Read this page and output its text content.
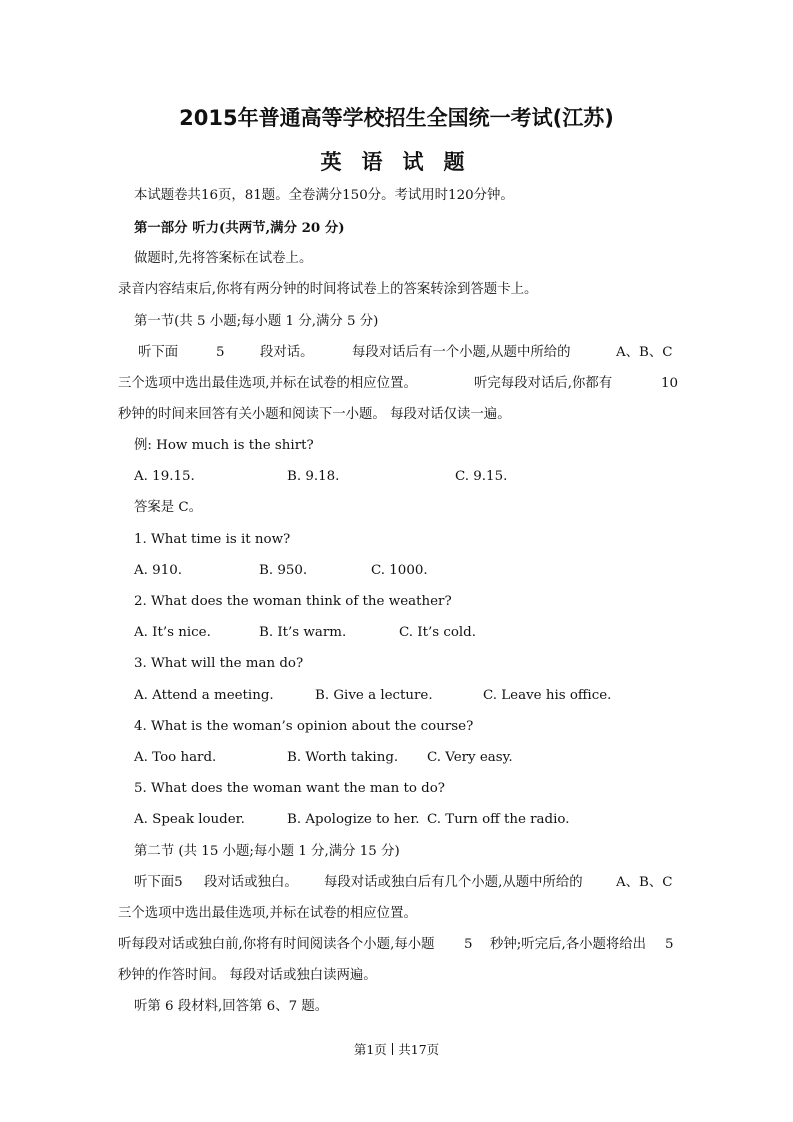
2015年普通高等学校招生全国统一考试(江苏)
英语试题
本试题卷共16页，81题。全卷满分150分。考试用时120分钟。
第一部分 听力(共两节,满分 20 分)
做题时,先将答案标在试卷上。
录音内容结束后,你将有两分钟的时间将试卷上的答案转涂到答题卡上。
第一节(共 5 小题;每小题 1 分,满分 5 分)
听下面	5	段对话。	每段对话后有一个小题,从题中所给的	A、B、C
三个选项中选出最佳选项,并标在试卷的相应位置。	听完每段对话后,你都有	10
秒钟的时间来回答有关小题和阅读下一小题。 每段对话仅读一遍。
例: How much is the shirt?
A. 19.15.	B. 9.18.	C. 9.15.
答案是 C。
1. What time is it now?
A. 910.	B. 950.	C. 1000.
2. What does the woman think of the weather?
A. It’s nice.	B. It’s warm.	C. It’s cold.
3. What will the man do?
A. Attend a meeting.	B. Give a lecture.	C. Leave his office.
4. What is the woman’s opinion about the course?
A. Too hard.	B. Worth taking. C. Very easy.
5. What does the woman want the man to do?
A. Speak louder.	B. Apologize to her. C. Turn off the radio.
第二节 (共 15 小题;每小题 1 分,满分 15 分)
听下面5 段对话或独白。 每段对话或独白后有几个小题,从题中所给的 A、B、C
三个选项中选出最佳选项,并标在试卷的相应位置。
听每段对话或独白前,你将有时间阅读各个小题,每小题 5 秒钟;听完后,各小题将给出 5
秒钟的作答时间。 每段对话或独白读两遍。
听第 6 段材料,回答第 6、7 题。
第1页 共17页
